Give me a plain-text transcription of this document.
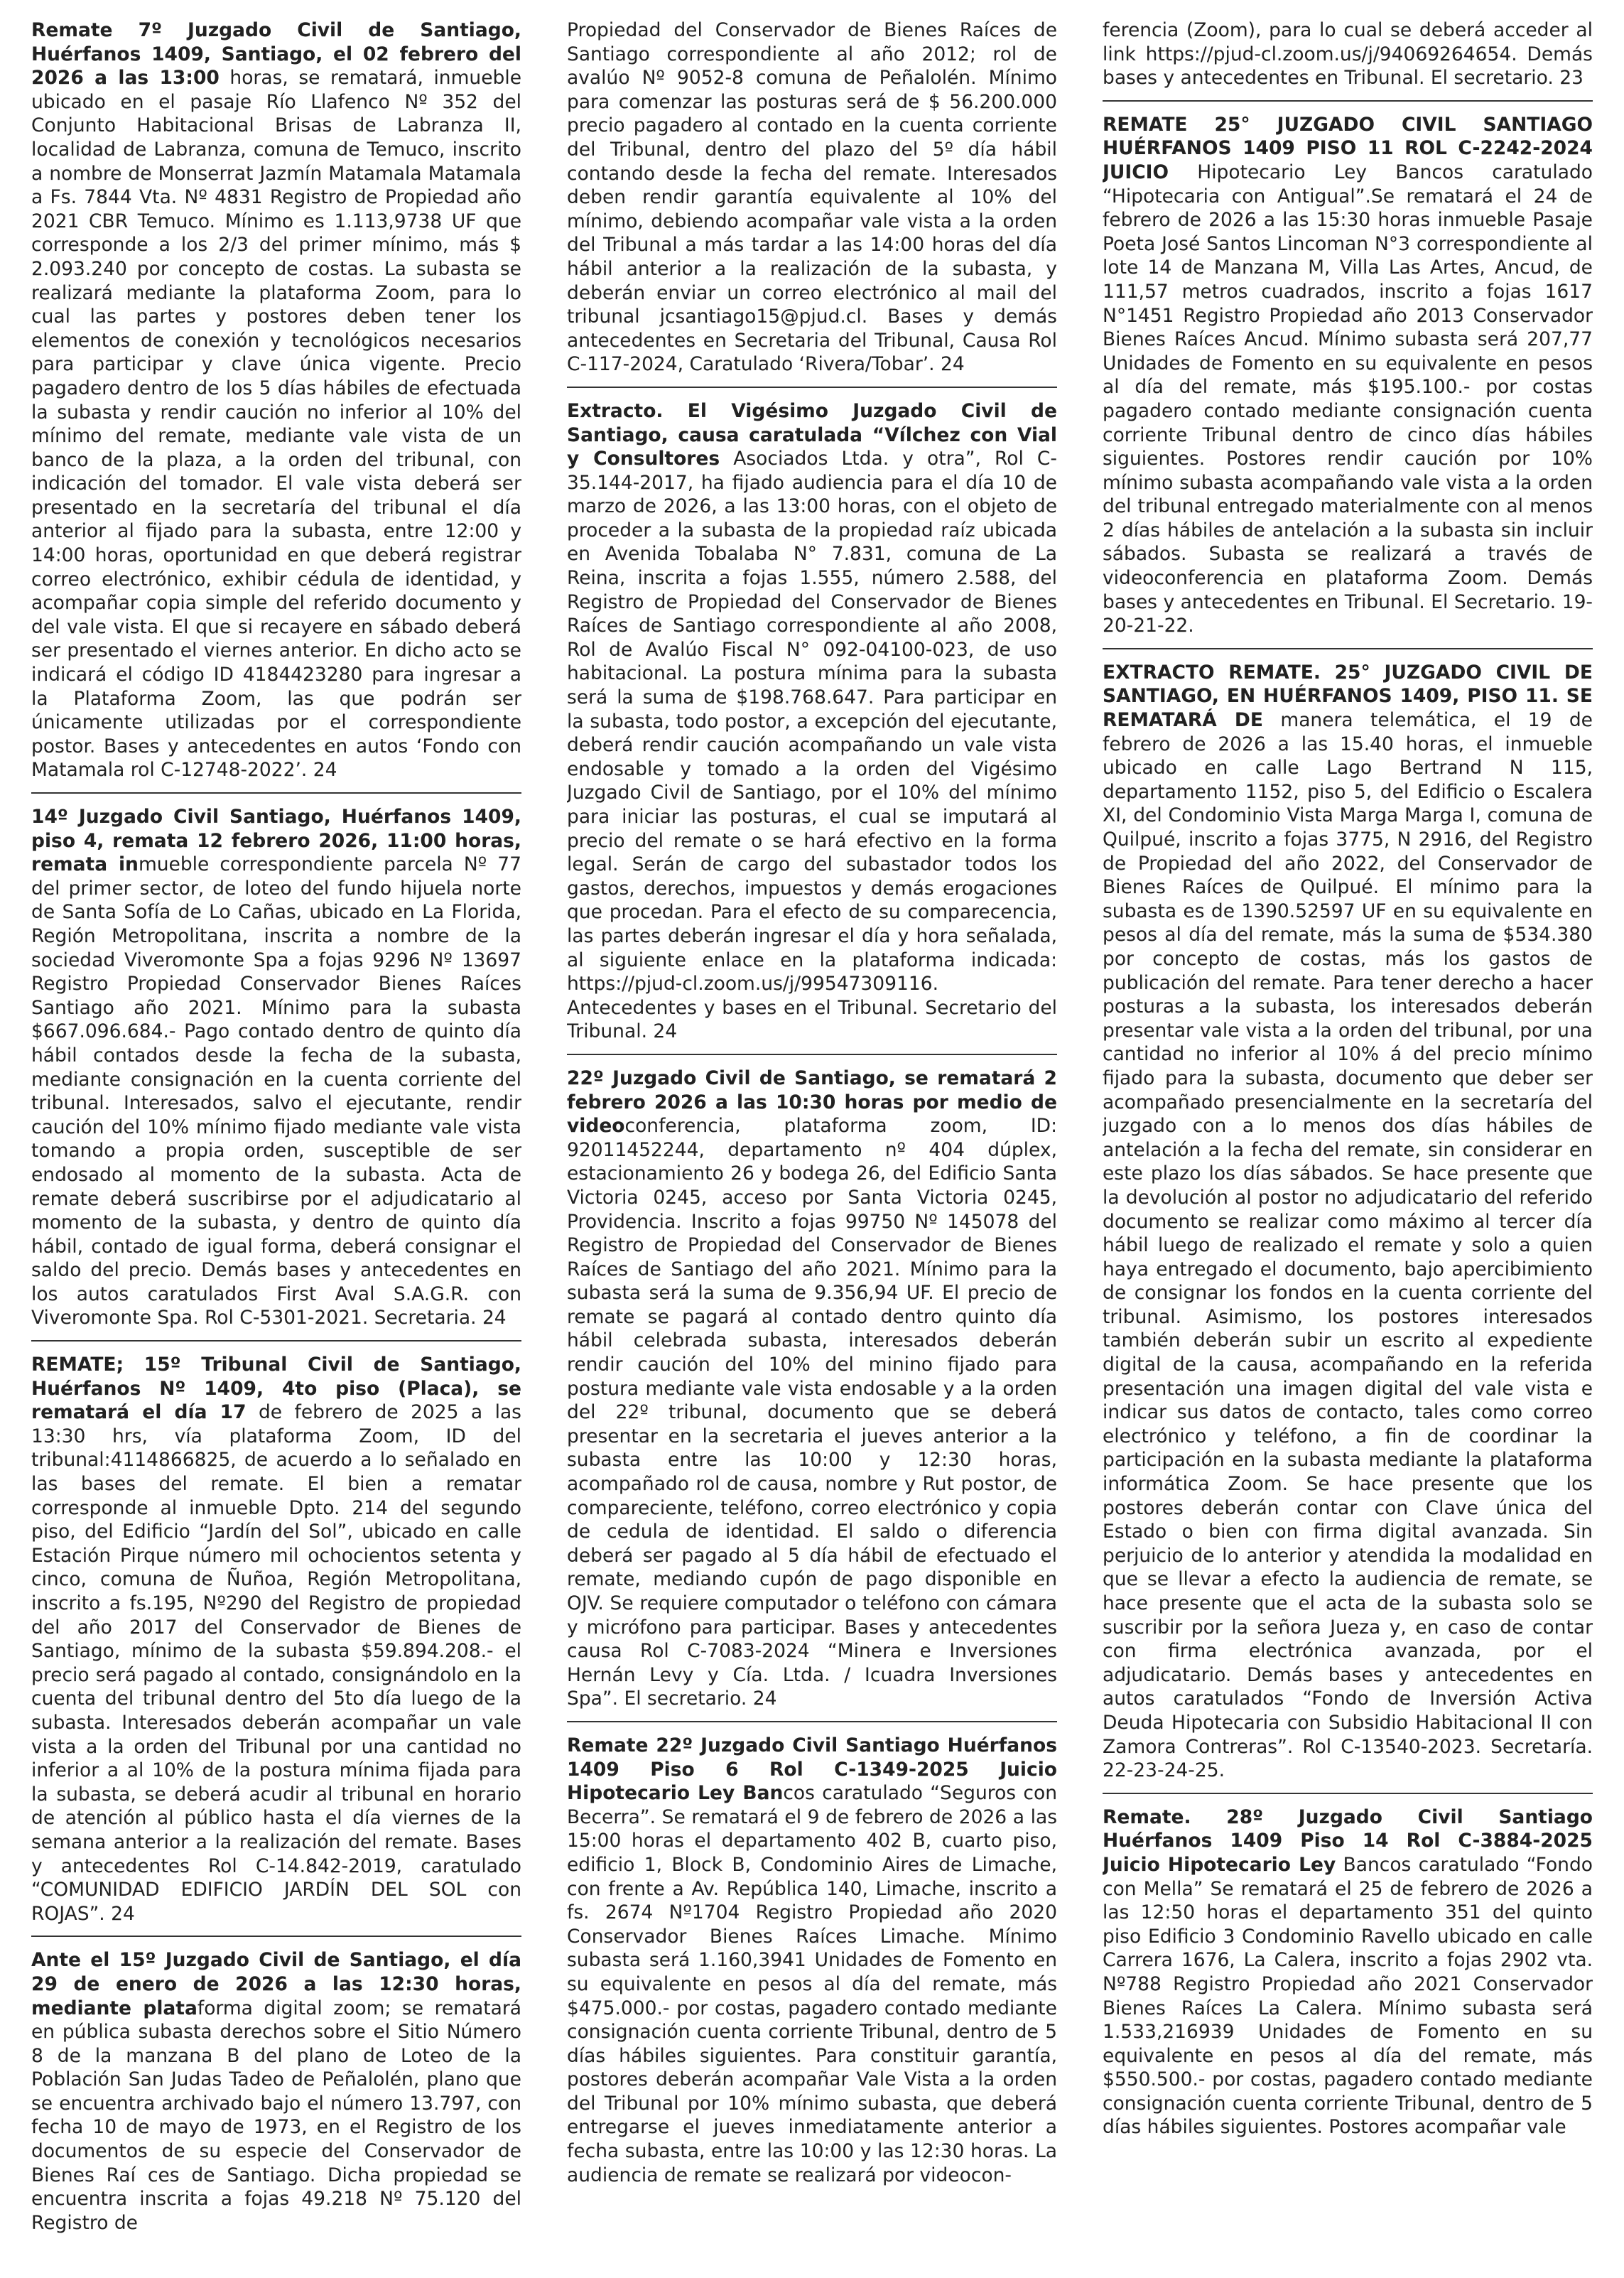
Remate 7º Juzgado Civil de Santiago, Huérfanos 1409, Santiago, el 02 febrero del 2026 a las 13:00 horas, se rematará, inmueble ubicado en el pasaje Río Llafenco Nº 352 del Conjunto Habitacional Brisas de Labranza II, localidad de Labranza, comuna de Temuco, inscrito a nombre de Monserrat Jazmín Matamala Matamala a Fs. 7844 Vta. Nº 4831 Registro de Propiedad año 2021 CBR Temuco. Mínimo es 1.113,9738 UF que corresponde a los 2/3 del primer mínimo, más $ 2.093.240 por concepto de costas. La subasta se realizará mediante la plataforma Zoom, para lo cual las partes y postores deben tener los elementos de conexión y tecnológicos necesarios para participar y clave única vigente. Precio pagadero dentro de los 5 días hábiles de efectuada la subasta y rendir caución no inferior al 10% del mínimo del remate, mediante vale vista de un banco de la plaza, a la orden del tribunal, con indicación del tomador. El vale vista deberá ser presentado en la secretaría del tribunal el día anterior al fijado para la subasta, entre 12:00 y 14:00 horas, oportunidad en que deberá registrar correo electrónico, exhibir cédula de identidad, y acompañar copia simple del referido documento y del vale vista. El que si recayere en sábado deberá ser presentado el viernes anterior. En dicho acto se indicará el código ID 4184423280 para ingresar a la Plataforma Zoom, las que podrán ser únicamente utilizadas por el correspondiente postor. Bases y antecedentes en autos ‘Fondo con Matamala rol C-12748-2022’. 24

14º Juzgado Civil Santiago, Huérfanos 1409, piso 4, remata 12 febrero 2026, 11:00 horas, remata inmueble correspondiente parcela Nº 77 del primer sector, de loteo del fundo hijuela norte de Santa Sofía de Lo Cañas, ubicado en La Florida, Región Metropolitana, inscrita a nombre de la sociedad Viveromonte Spa a fojas 9296 Nº 13697 Registro Propiedad Conservador Bienes Raíces Santiago año 2021. Mínimo para la subasta $667.096.684.- Pago contado dentro de quinto día hábil contados desde la fecha de la subasta, mediante consignación en la cuenta corriente del tribunal. Interesados, salvo el ejecutante, rendir caución del 10% mínimo fijado mediante vale vista tomando a propia orden, susceptible de ser endosado al momento de la subasta. Acta de remate deberá suscribirse por el adjudicatario al momento de la subasta, y dentro de quinto día hábil, contado de igual forma, deberá consignar el saldo del precio. Demás bases y antecedentes en los autos caratulados First Aval S.A.G.R. con Viveromonte Spa. Rol C-5301-2021. Secretaria. 24

REMATE; 15º Tribunal Civil de Santiago, Huérfanos Nº 1409, 4to piso (Placa), se rematará el día 17 de febrero de 2025 a las 13:30 hrs, vía plataforma Zoom, ID del tribunal:4114866825, de acuerdo a lo señalado en las bases del remate. El bien a rematar corresponde al inmueble Dpto. 214 del segundo piso, del Edificio “Jardín del Sol”, ubicado en calle Estación Pirque número mil ochocientos setenta y cinco, comuna de Ñuñoa, Región Metropolitana, inscrito a fs.195, Nº290 del Registro de propiedad del año 2017 del Conservador de Bienes de Santiago, mínimo de la subasta $59.894.208.- el precio será pagado al contado, consignándolo en la cuenta del tribunal dentro del 5to día luego de la subasta. Interesados deberán acompañar un vale vista a la orden del Tribunal por una cantidad no inferior a al 10% de la postura mínima fijada para la subasta, se deberá acudir al tribunal en horario de atención al público hasta el día viernes de la semana anterior a la realización del remate. Bases y antecedentes Rol C-14.842-2019, caratulado “COMUNIDAD EDIFICIO JARDÍN DEL SOL con ROJAS”. 24

Ante el 15º Juzgado Civil de Santiago, el día 29 de enero de 2026 a las 12:30 horas, mediante plataforma digital zoom; se rematará en pública subasta derechos sobre el Sitio Número 8 de la manzana B del plano de Loteo de la Población San Judas Tadeo de Peñalolén, plano que se encuentra archivado bajo el número 13.797, con fecha 10 de mayo de 1973, en el Registro de los documentos de su especie del Conservador de Bienes Raí ces de Santiago. Dicha propiedad se encuentra inscrita a fojas 49.218 Nº 75.120 del Registro de

Propiedad del Conservador de Bienes Raíces de Santiago correspondiente al año 2012; rol de avalúo Nº 9052-8 comuna de Peñalolén. Mínimo para comenzar las posturas será de $ 56.200.000 precio pagadero al contado en la cuenta corriente del Tribunal, dentro del plazo del 5º día hábil contando desde la fecha del remate. Interesados deben rendir garantía equivalente al 10% del mínimo, debiendo acompañar vale vista a la orden del Tribunal a más tardar a las 14:00 horas del día hábil anterior a la realización de la subasta, y deberán enviar un correo electrónico al mail del tribunal jcsantiago15@pjud.cl. Bases y demás antecedentes en Secretaria del Tribunal, Causa Rol C-117-2024, Caratulado ‘Rivera/Tobar’. 24

Extracto. El Vigésimo Juzgado Civil de Santiago, causa caratulada “Vílchez con Vial y Consultores Asociados Ltda. y otra”, Rol C-35.144-2017, ha fijado audiencia para el día 10 de marzo de 2026, a las 13:00 horas, con el objeto de proceder a la subasta de la propiedad raíz ubicada en Avenida Tobalaba N° 7.831, comuna de La Reina, inscrita a fojas 1.555, número 2.588, del Registro de Propiedad del Conservador de Bienes Raíces de Santiago correspondiente al año 2008, Rol de Avalúo Fiscal N° 092-04100-023, de uso habitacional. La postura mínima para la subasta será la suma de $198.768.647. Para participar en la subasta, todo postor, a excepción del ejecutante, deberá rendir caución acompañando un vale vista endosable y tomado a la orden del Vigésimo Juzgado Civil de Santiago, por el 10% del mínimo para iniciar las posturas, el cual se imputará al precio del remate o se hará efectivo en la forma legal. Serán de cargo del subastador todos los gastos, derechos, impuestos y demás erogaciones que procedan. Para el efecto de su comparecencia, las partes deberán ingresar el día y hora señalada, al siguiente enlace en la plataforma indicada: https://pjud-cl.zoom.us/j/99547309116. Antecedentes y bases en el Tribunal. Secretario del Tribunal. 24

22º Juzgado Civil de Santiago, se rematará 2 febrero 2026 a las 10:30 horas por medio de videoconferencia, plataforma zoom, ID: 92011452244, departamento nº 404 dúplex, estacionamiento 26 y bodega 26, del Edificio Santa Victoria 0245, acceso por Santa Victoria 0245, Providencia. Inscrito a fojas 99750 Nº 145078 del Registro de Propiedad del Conservador de Bienes Raíces de Santiago del año 2021. Mínimo para la subasta será la suma de 9.356,94 UF. El precio de remate se pagará al contado dentro quinto día hábil celebrada subasta, interesados deberán rendir caución del 10% del minino fijado para postura mediante vale vista endosable y a la orden del 22º tribunal, documento que se deberá presentar en la secretaria el jueves anterior a la subasta entre las 10:00 y 12:30 horas, acompañado rol de causa, nombre y Rut postor, de compareciente, teléfono, correo electrónico y copia de cedula de identidad. El saldo o diferencia deberá ser pagado al 5 día hábil de efectuado el remate, mediando cupón de pago disponible en OJV. Se requiere computador o teléfono con cámara y micrófono para participar. Bases y antecedentes causa Rol C-7083-2024 “Minera e Inversiones Hernán Levy y Cía. Ltda. / Icuadra Inversiones Spa”. El secretario. 24

Remate 22º Juzgado Civil Santiago Huérfanos 1409 Piso 6 Rol C-1349-2025 Juicio Hipotecario Ley Bancos caratulado “Seguros con Becerra”. Se rematará el 9 de febrero de 2026 a las 15:00 horas el departamento 402 B, cuarto piso, edificio 1, Block B, Condominio Aires de Limache, con frente a Av. República 140, Limache, inscrito a fs. 2674 Nº1704 Registro Propiedad año 2020 Conservador Bienes Raíces Limache. Mínimo subasta será 1.160,3941 Unidades de Fomento en su equivalente en pesos al día del remate, más $475.000.- por costas, pagadero contado mediante consignación cuenta corriente Tribunal, dentro de 5 días hábiles siguientes. Para constituir garantía, postores deberán acompañar Vale Vista a la orden del Tribunal por 10% mínimo subasta, que deberá entregarse el jueves inmediatamente anterior a fecha subasta, entre las 10:00 y las 12:30 horas. La audiencia de remate se realizará por videocon-

ferencia (Zoom), para lo cual se deberá acceder al link https://pjud-cl.zoom.us/j/94069264654. Demás bases y antecedentes en Tribunal. El secretario. 23

REMATE 25° JUZGADO CIVIL SANTIAGO HUÉRFANOS 1409 PISO 11 ROL C-2242-2024 JUICIO Hipotecario Ley Bancos caratulado “Hipotecaria con Antigual”.Se rematará el 24 de febrero de 2026 a las 15:30 horas inmueble Pasaje Poeta José Santos Lincoman N°3 correspondiente al lote 14 de Manzana M, Villa Las Artes, Ancud, de 111,57 metros cuadrados, inscrito a fojas 1617 N°1451 Registro Propiedad año 2013 Conservador Bienes Raíces Ancud. Mínimo subasta será 207,77 Unidades de Fomento en su equivalente en pesos al día del remate, más $195.100.- por costas pagadero contado mediante consignación cuenta corriente Tribunal dentro de cinco días hábiles siguientes. Postores rendir caución por 10% mínimo subasta acompañando vale vista a la orden del tribunal entregado materialmente con al menos 2 días hábiles de antelación a la subasta sin incluir sábados. Subasta se realizará a través de videoconferencia en plataforma Zoom. Demás bases y antecedentes en Tribunal. El Secretario. 19-20-21-22.

EXTRACTO REMATE. 25° JUZGADO CIVIL DE SANTIAGO, EN HUÉRFANOS 1409, PISO 11. SE REMATARÁ DE manera telemática, el 19 de febrero de 2026 a las 15.40 horas, el inmueble ubicado en calle Lago Bertrand N 115, departamento 1152, piso 5, del Edificio o Escalera XI, del Condominio Vista Marga Marga I, comuna de Quilpué, inscrito a fojas 3775, N 2916, del Registro de Propiedad del año 2022, del Conservador de Bienes Raíces de Quilpué. El mínimo para la subasta es de 1390.52597 UF en su equivalente en pesos al día del remate, más la suma de $534.380 por concepto de costas, más los gastos de publicación del remate. Para tener derecho a hacer posturas a la subasta, los interesados deberán presentar vale vista a la orden del tribunal, por una cantidad no inferior al 10% á del precio mínimo fijado para la subasta, documento que deber ser acompañado presencialmente en la secretaría del juzgado con a lo menos dos días hábiles de antelación a la fecha del remate, sin considerar en este plazo los días sábados. Se hace presente que la devolución al postor no adjudicatario del referido documento se realizar como máximo al tercer día hábil luego de realizado el remate y solo a quien haya entregado el documento, bajo apercibimiento de consignar los fondos en la cuenta corriente del tribunal. Asimismo, los postores interesados también deberán subir un escrito al expediente digital de la causa, acompañando en la referida presentación una imagen digital del vale vista e indicar sus datos de contacto, tales como correo electrónico y teléfono, a fin de coordinar la participación en la subasta mediante la plataforma informática Zoom. Se hace presente que los postores deberán contar con Clave única del Estado o bien con firma digital avanzada. Sin perjuicio de lo anterior y atendida la modalidad en que se llevar a efecto la audiencia de remate, se hace presente que el acta de la subasta solo se suscribir por la señora Jueza y, en caso de contar con firma electrónica avanzada, por el adjudicatario. Demás bases y antecedentes en autos caratulados “Fondo de Inversión Activa Deuda Hipotecaria con Subsidio Habitacional II con Zamora Contreras”. Rol C-13540-2023. Secretaría. 22-23-24-25.

Remate. 28º Juzgado Civil Santiago Huérfanos 1409 Piso 14 Rol C-3884-2025 Juicio Hipotecario Ley Bancos caratulado “Fondo con Mella” Se rematará el 25 de febrero de 2026 a las 12:50 horas el departamento 351 del quinto piso Edificio 3 Condominio Ravello ubicado en calle Carrera 1676, La Calera, inscrito a fojas 2902 vta. Nº788 Registro Propiedad año 2021 Conservador Bienes Raíces La Calera. Mínimo subasta será 1.533,216939 Unidades de Fomento en su equivalente en pesos al día del remate, más $550.500.- por costas, pagadero contado mediante consignación cuenta corriente Tribunal, dentro de 5 días hábiles siguientes. Postores acompañar vale
